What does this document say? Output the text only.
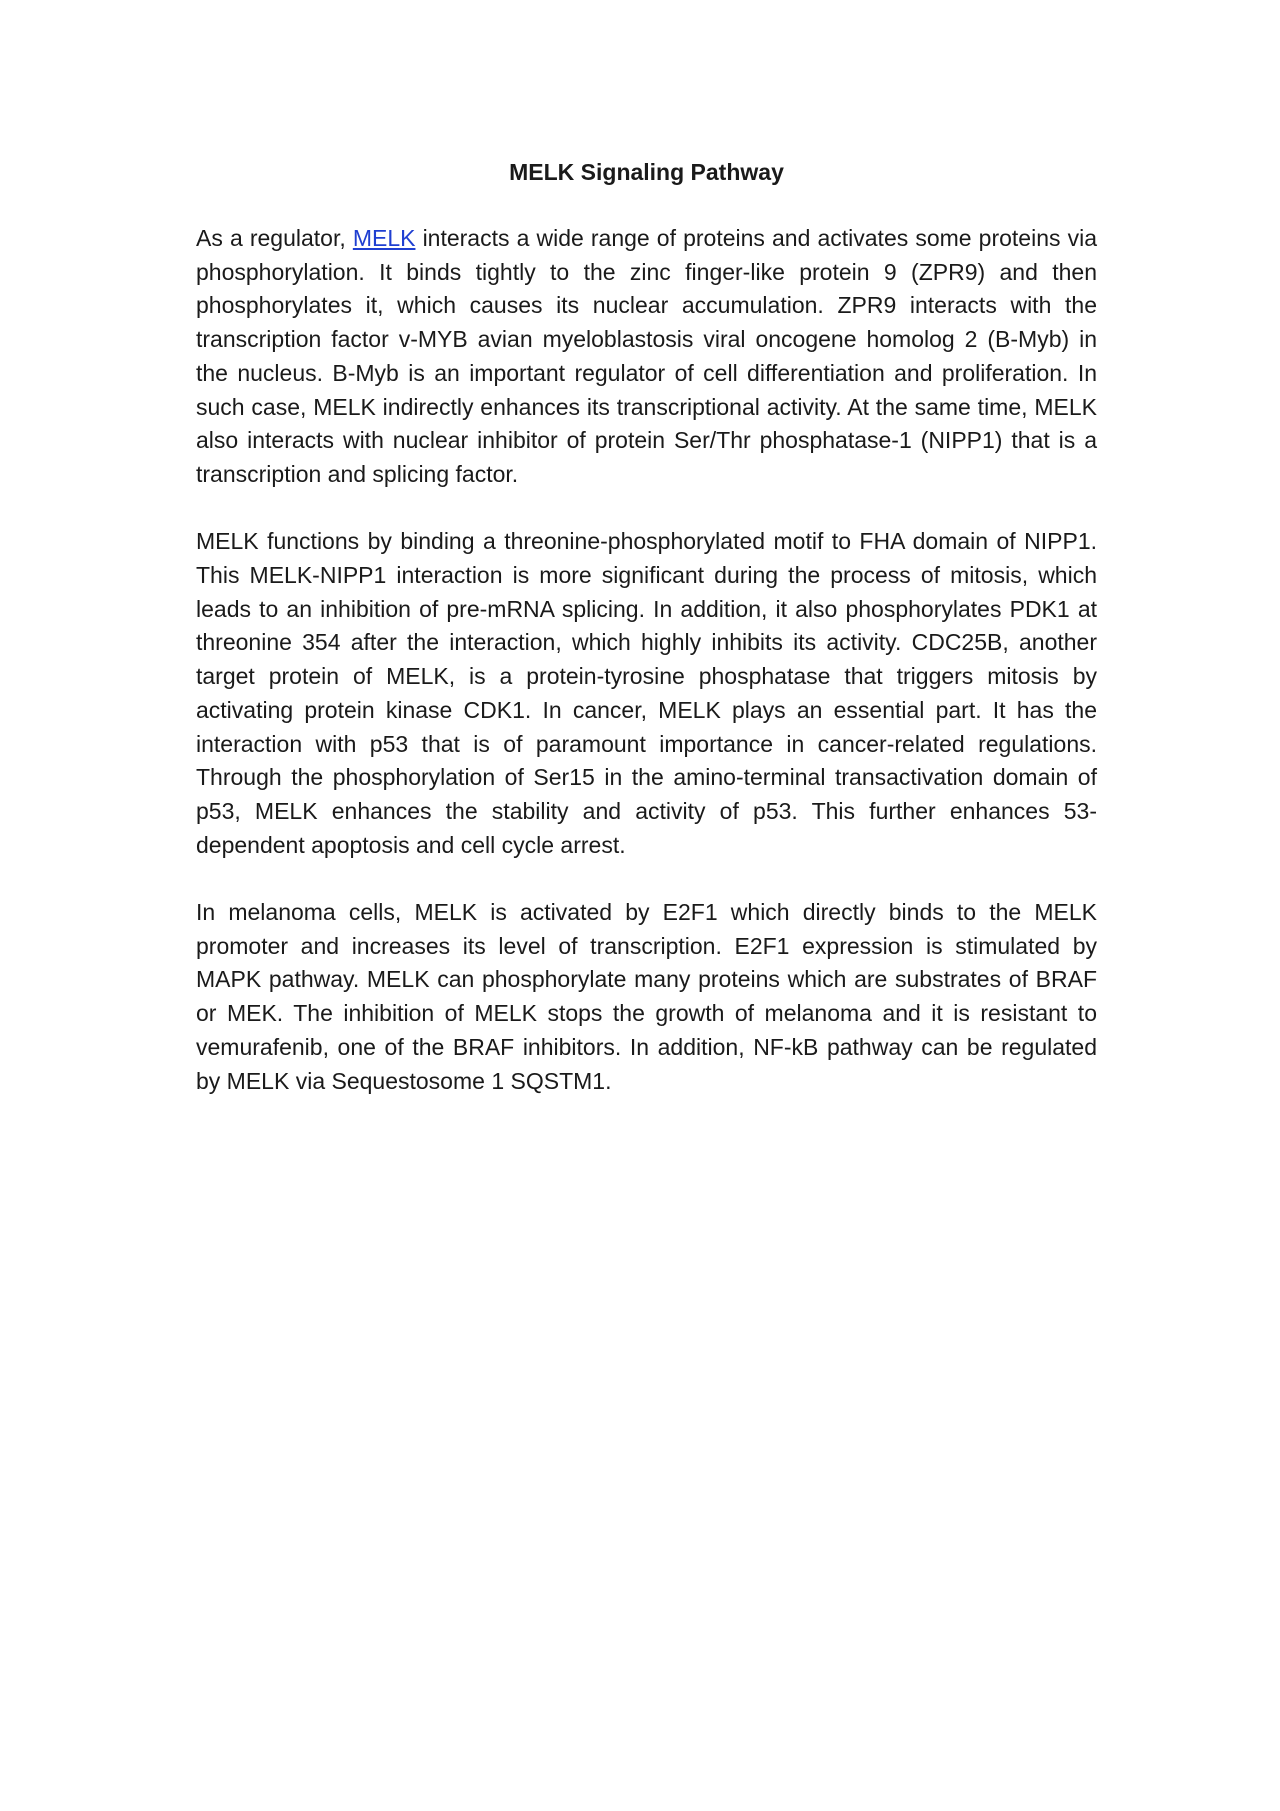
MELK Signaling Pathway

As a regulator, MELK interacts a wide range of proteins and activates some proteins via phosphorylation. It binds tightly to the zinc finger-like protein 9 (ZPR9) and then phosphorylates it, which causes its nuclear accumulation. ZPR9 interacts with the transcription factor v-MYB avian myeloblastosis viral oncogene homolog 2 (B-Myb) in the nucleus. B-Myb is an important regulator of cell differentiation and proliferation. In such case, MELK indirectly enhances its transcriptional activity. At the same time, MELK also interacts with nuclear inhibitor of protein Ser/Thr phosphatase-1 (NIPP1) that is a transcription and splicing factor.

MELK functions by binding a threonine-phosphorylated motif to FHA domain of NIPP1. This MELK-NIPP1 interaction is more significant during the process of mitosis, which leads to an inhibition of pre-mRNA splicing. In addition, it also phosphorylates PDK1 at threonine 354 after the interaction, which highly inhibits its activity. CDC25B, another target protein of MELK, is a protein-tyrosine phosphatase that triggers mitosis by activating protein kinase CDK1. In cancer, MELK plays an essential part. It has the interaction with p53 that is of paramount importance in cancer-related regulations. Through the phosphorylation of Ser15 in the amino-terminal transactivation domain of p53, MELK enhances the stability and activity of p53. This further enhances 53-dependent apoptosis and cell cycle arrest.

In melanoma cells, MELK is activated by E2F1 which directly binds to the MELK promoter and increases its level of transcription. E2F1 expression is stimulated by MAPK pathway. MELK can phosphorylate many proteins which are substrates of BRAF or MEK. The inhibition of MELK stops the growth of melanoma and it is resistant to vemurafenib, one of the BRAF inhibitors. In addition, NF-kB pathway can be regulated by MELK via Sequestosome 1 SQSTM1.
